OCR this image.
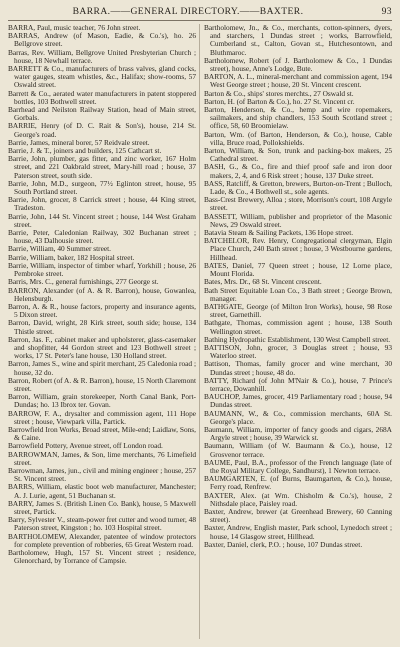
BARRA.——GENERAL DIRECTORY.——BAXTER.	93

BARRA, Paul, music teacher, 76 John street.

BARRAS, Andrew (of Mason, Eadie, & Co.'s), ho. 26 Bellgrove street.

Barras, Rev. William, Bellgrove United Presbyterian Church ; house, 18 Newhall terrace.

BARRETT & Co., manufacturers of brass valves, gland cocks, water gauges, steam whistles, &c., Halifax; show-rooms, 57 Oswald street.

Barrett & Co., aerated water manufacturers in patent stoppered bottles, 103 Bothwell street.

Barrhead and Neilston Railway Station, head of Main street, Gorbals.

BARRIE, Henry (of D. C. Rait & Son's), house, 214 St. George's road.

Barrie, James, mineral borer, 57 Reidvale street.

Barrie, J. & T., joiners and builders, 125 Cathcart st.

Barrie, John, plumber, gas fitter, and zinc worker, 167 Holm street, and 221 Oakbrald street, Mary-hill road ; house, 37 Paterson street, south side.

Barrie, John, M.D., surgeon, 77½ Eglinton street, house, 95 South Portland street.

Barrie, John, grocer, 8 Carrick street ; house, 44 King street, Tradeston.

Barrie, John, 144 St. Vincent street ; house, 144 West Graham street.

Barrie, Peter, Caledonian Railway, 302 Buchanan street ; house, 43 Dalhousie street.

Barrie, William, 40 Summer street.

Barrie, William, baker, 182 Hospital street.

Barrie, William, inspector of timber wharf, Yorkhill ; house, 26 Pembroke street.

Barris, Mrs. C., general furnishings, 277 George st.

BARRON, Alexander (of A. & R. Barron), house, Gowanlea, Helensburgh.

Barron, A. & R., house factors, property and insurance agents, 5 Dixon street.

Barron, David, wright, 28 Kirk street, south side; house, 134 Thistle street.

Barron, Jas. F., cabinet maker and upholsterer, glass-casemaker and shopfitter, 44 Gordon street and 123 Bothwell street ; works, 17 St. Peter's lane house, 130 Holland street.

Barron, James S., wine and spirit merchant, 25 Caledonia road ; house, 32 do.

Barron, Robert (of A. & R. Barron), house, 15 North Claremont street.

Barron, William, grain storekeeper, North Canal Bank, Port-Dundas; ho. 13 Ibrox ter. Govan.

BARROW, F. A., drysalter and commission agent, 111 Hope street ; house, Viewpark villa, Partick.

Barrowfield Iron Works, Broad street, Mile-end; Laidlaw, Sons, & Caine.

Barrowfield Pottery, Avenue street, off London road.

BARROWMAN, James, & Son, lime merchants, 76 Limefield street.

Barrowman, James, jun., civil and mining engineer ; house, 257 St. Vincent street.

BARRS, William, elastic boot web manufacturer, Manchester; A. J. Lurie, agent, 51 Buchanan st.

BARRY, James S. (British Linen Co. Bank), house, 5 Maxwell street, Partick.

Barry, Sylvester V., steam-power fret cutter and wood turner, 48 Paterson street, Kingston ; ho. 103 Hospital street.

BARTHOLOMEW, Alexander, patentee of window protectors for complete prevention of robberies, 65 Great Western road.

Bartholomew, Hugh, 157 St. Vincent street ; residence, Glenorchard, by Torrance of Campsie.

Bartholomew, Jn., & Co., merchants, cotton-spinners, dyers, and starchers, 1 Dundas street ; works, Barrowfield, Cumberland st., Calton, Govan st., Hutchesontown, and Bluthmaroc.

Bartholomew, Robert (of J. Bartholomew & Co., 1 Dundas street), house, Anne's Lodge, Bute.

BARTON, A. L., mineral-merchant and commission agent, 194 West George street ; house, 20 St. Vincent crescent.

Barton & Co., ships' stores merchts., 27 Oswald st.

Barton, H. (of Barton & Co.), ho. 27 St. Vincent cr.

Barton, Henderson, & Co., hemp and wire ropemakers, sailmakers, and ship chandlers, 153 South Scotland street ; office, 58, 60 Broomielaw.

Barton, Wm. (of Barton, Henderson, & Co.), house, Cable villa, Bruce road, Pollokshields.

Barton, William, & Son, trunk and packing-box makers, 25 Cathedral street.

BASH, G., & Co., fire and thief proof safe and iron door makers, 2, 4, and 6 Risk street ; house, 137 Duke street.

BASS, Ratcliff, & Gretton, brewers, Burton-on-Trent ; Bulloch, Lade, & Co., 4 Bothwell st., sole agents.

Bass-Crest Brewery, Alloa ; store, Morrison's court, 108 Argyle street.

BASSETT, William, publisher and proprietor of the Masonic News, 29 Oswald street.

Batavia Steam & Sailing Packets, 136 Hope street.

BATCHELOR, Rev. Henry, Congregational clergyman, Elgin Place Church, 240 Bath street ; house, 3 Westbourne gardens, Hillhead.

BATES, Daniel, 77 Queen street ; house, 12 Lorne place, Mount Florida.

Bates, Mrs. Dr., 68 St. Vincent crescent.

Bath Street Equitable Loan Co., 3 Bath street ; George Brown, manager.

BATHGATE, George (of Milton Iron Works), house, 98 Rose street, Garnethill.

Bathgate, Thomas, commission agent ; house, 138 South Wellington street.

Bathing Hydropathic Establishment, 130 West Campbell street.

BATTISON, John, grocer, 3 Douglas street ; house, 93 Waterloo street.

Battison, Thomas, family grocer and wine merchant, 30 Dundas street ; house, 48 do.

BATTY, Richard (of John M'Nair & Co.), house, 7 Prince's terrace, Dowanhill.

BAUCHOP, James, grocer, 419 Parliamentary road ; house, 94 Dundas street.

BAUMANN, W., & Co., commission merchants, 60A St. George's place.

Baumann, William, importer of fancy goods and cigars, 268A Argyle street ; house, 39 Warwick st.

Baumann, William (of W. Baumann & Co.), house, 12 Grosvenor terrace.

BAUME, Paul, B.A., professor of the French language (late of the Royal Military College, Sandhurst), 1 Newton terrace.

BAUMGARTEN, E. (of Burns, Baumgarten, & Co.), house, Ferry road, Renfrew.

BAXTER, Alex. (at Wm. Chisholm & Co.'s), house, 2 Nithsdale place, Paisley road.

Baxter, Andrew, brewer (at Greenhead Brewery, 60 Canning street).

Baxter, Andrew, English master, Park school, Lynedoch street ; house, 14 Glasgow street, Hillhead.

Baxter, Daniel, clerk, P.O. ; house, 107 Dundas street.
